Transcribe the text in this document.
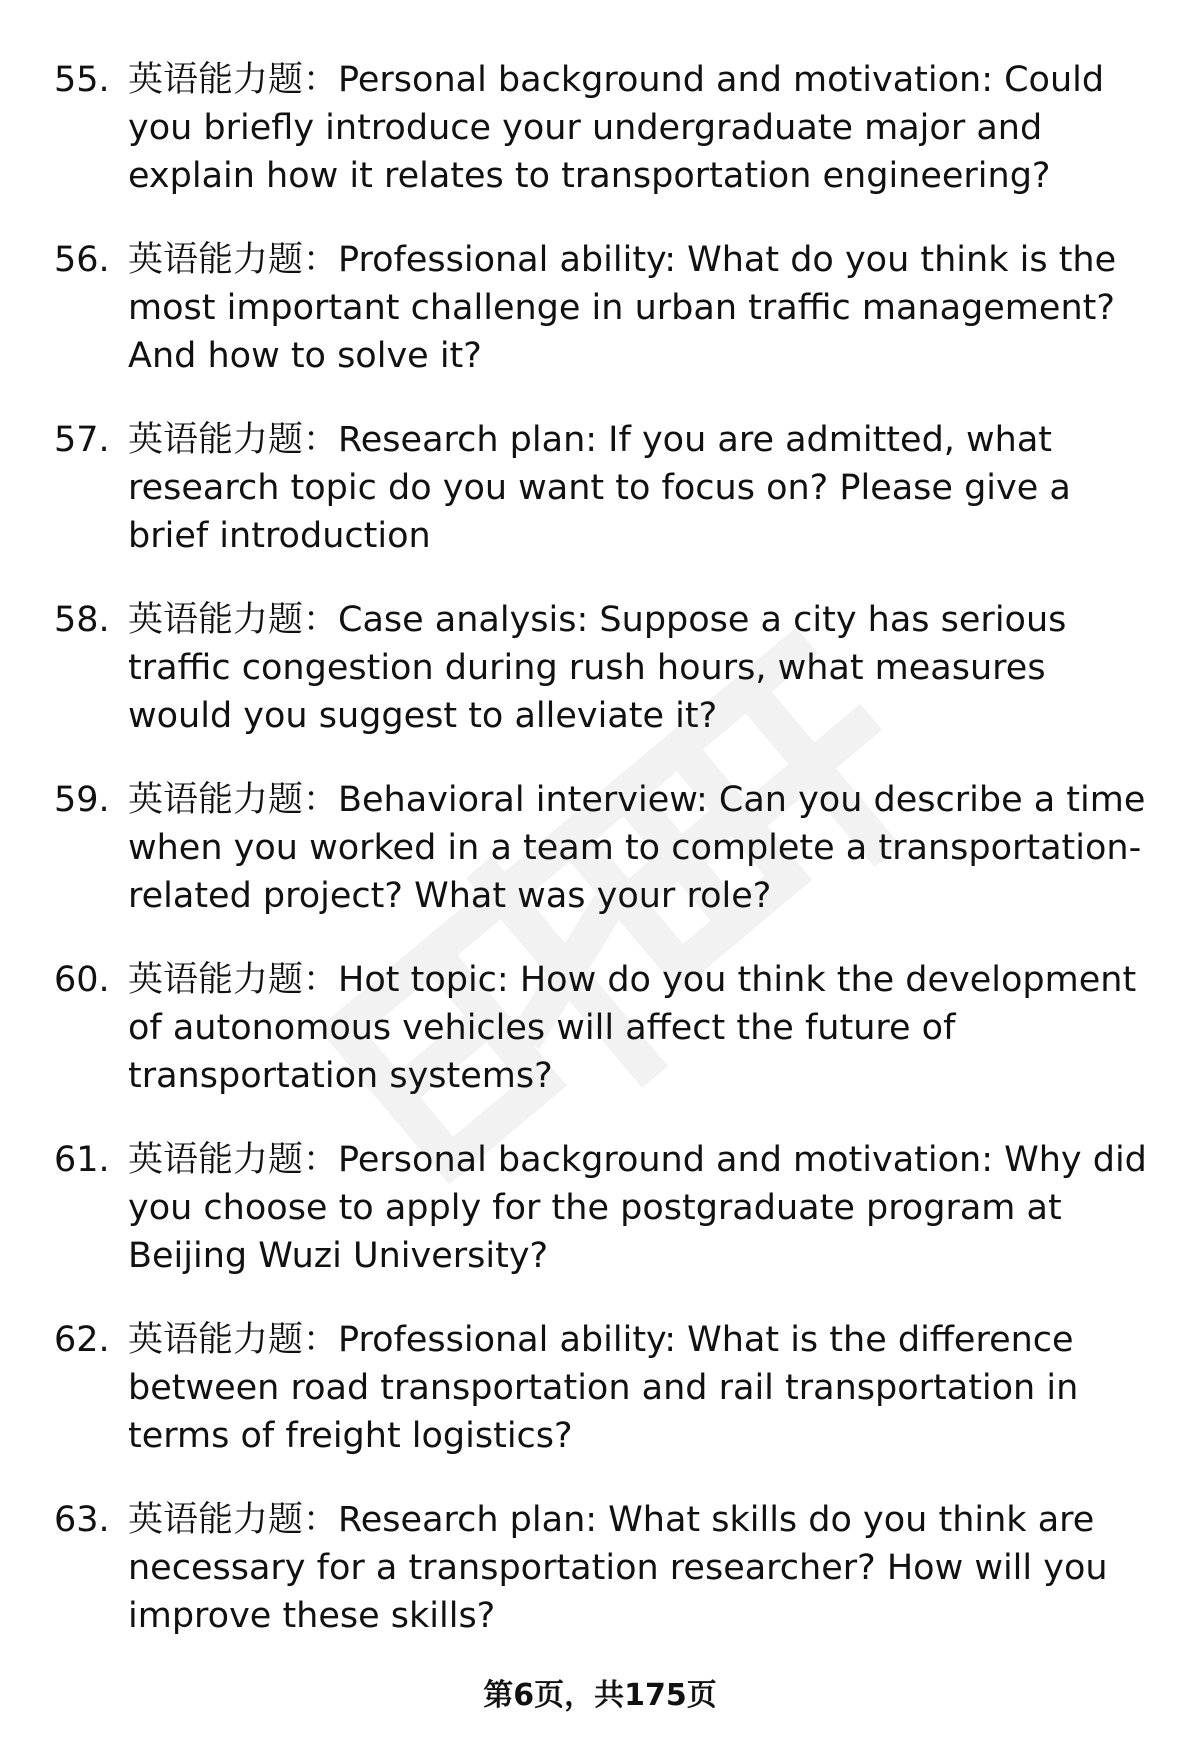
55. 英语能力题：Personal background and motivation: Could you briefly introduce your undergraduate major and explain how it relates to transportation engineering?
56. 英语能力题：Professional ability: What do you think is the most important challenge in urban traffic management? And how to solve it?
57. 英语能力题：Research plan: If you are admitted, what research topic do you want to focus on? Please give a brief introduction
58. 英语能力题：Case analysis: Suppose a city has serious traffic congestion during rush hours, what measures would you suggest to alleviate it?
59. 英语能力题：Behavioral interview: Can you describe a time when you worked in a team to complete a transportation-related project? What was your role?
60. 英语能力题：Hot topic: How do you think the development of autonomous vehicles will affect the future of transportation systems?
61. 英语能力题：Personal background and motivation: Why did you choose to apply for the postgraduate program at Beijing Wuzi University?
62. 英语能力题：Professional ability: What is the difference between road transportation and rail transportation in terms of freight logistics?
63. 英语能力题：Research plan: What skills do you think are necessary for a transportation researcher? How will you improve these skills?
第6页，共175页
